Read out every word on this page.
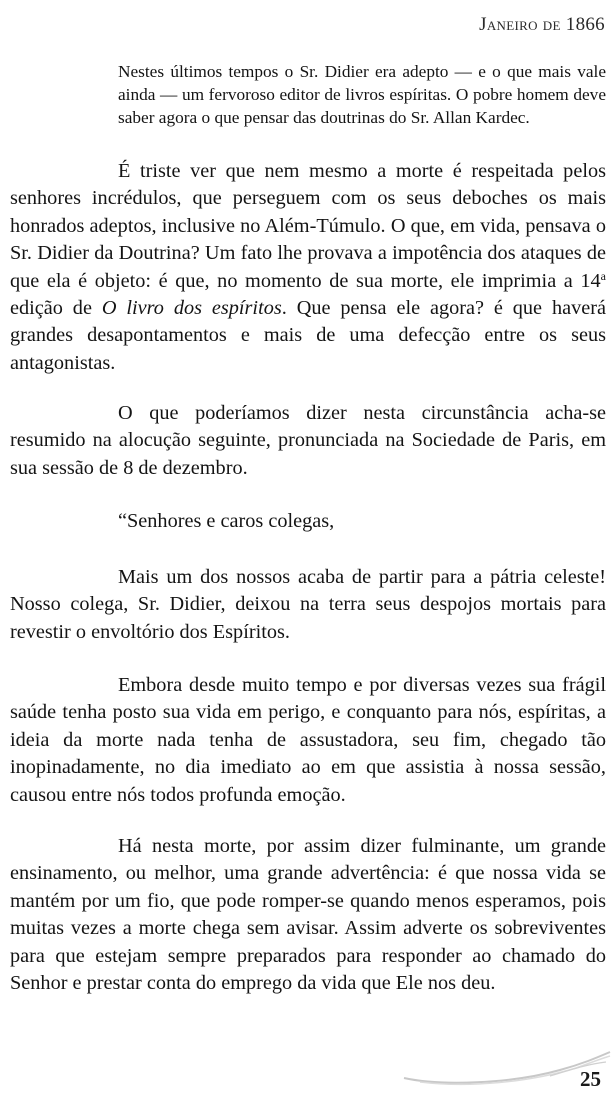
Janeiro de 1866
Nestes últimos tempos o Sr. Didier era adepto — e o que mais vale ainda — um fervoroso editor de livros espíritas. O pobre homem deve saber agora o que pensar das doutrinas do Sr. Allan Kardec.

É triste ver que nem mesmo a morte é respeitada pelos senhores incrédulos, que perseguem com os seus deboches os mais honrados adeptos, inclusive no Além-Túmulo. O que, em vida, pensava o Sr. Didier da Doutrina? Um fato lhe provava a impotência dos ataques de que ela é objeto: é que, no momento de sua morte, ele imprimia a 14$^a$ edição de O livro dos espíritos. Que pensa ele agora? é que haverá grandes desapontamentos e mais de uma defecção entre os seus antagonistas.

O que poderíamos dizer nesta circunstância acha-se resumido na alocução seguinte, pronunciada na Sociedade de Paris, em sua sessão de 8 de dezembro.

“Senhores e caros colegas,

Mais um dos nossos acaba de partir para a pátria celeste! Nosso colega, Sr. Didier, deixou na terra seus despojos mortais para revestir o envoltório dos Espíritos.

Embora desde muito tempo e por diversas vezes sua frágil saúde tenha posto sua vida em perigo, e conquanto para nós, espíritas, a ideia da morte nada tenha de assustadora, seu fim, chegado tão inopinadamente, no dia imediato ao em que assistia à nossa sessão, causou entre nós todos profunda emoção.

Há nesta morte, por assim dizer fulminante, um grande ensinamento, ou melhor, uma grande advertência: é que nossa vida se mantém por um fio, que pode romper-se quando menos esperamos, pois muitas vezes a morte chega sem avisar. Assim adverte os sobreviventes para que estejam sempre preparados para responder ao chamado do Senhor e prestar conta do emprego da vida que Ele nos deu.

25
